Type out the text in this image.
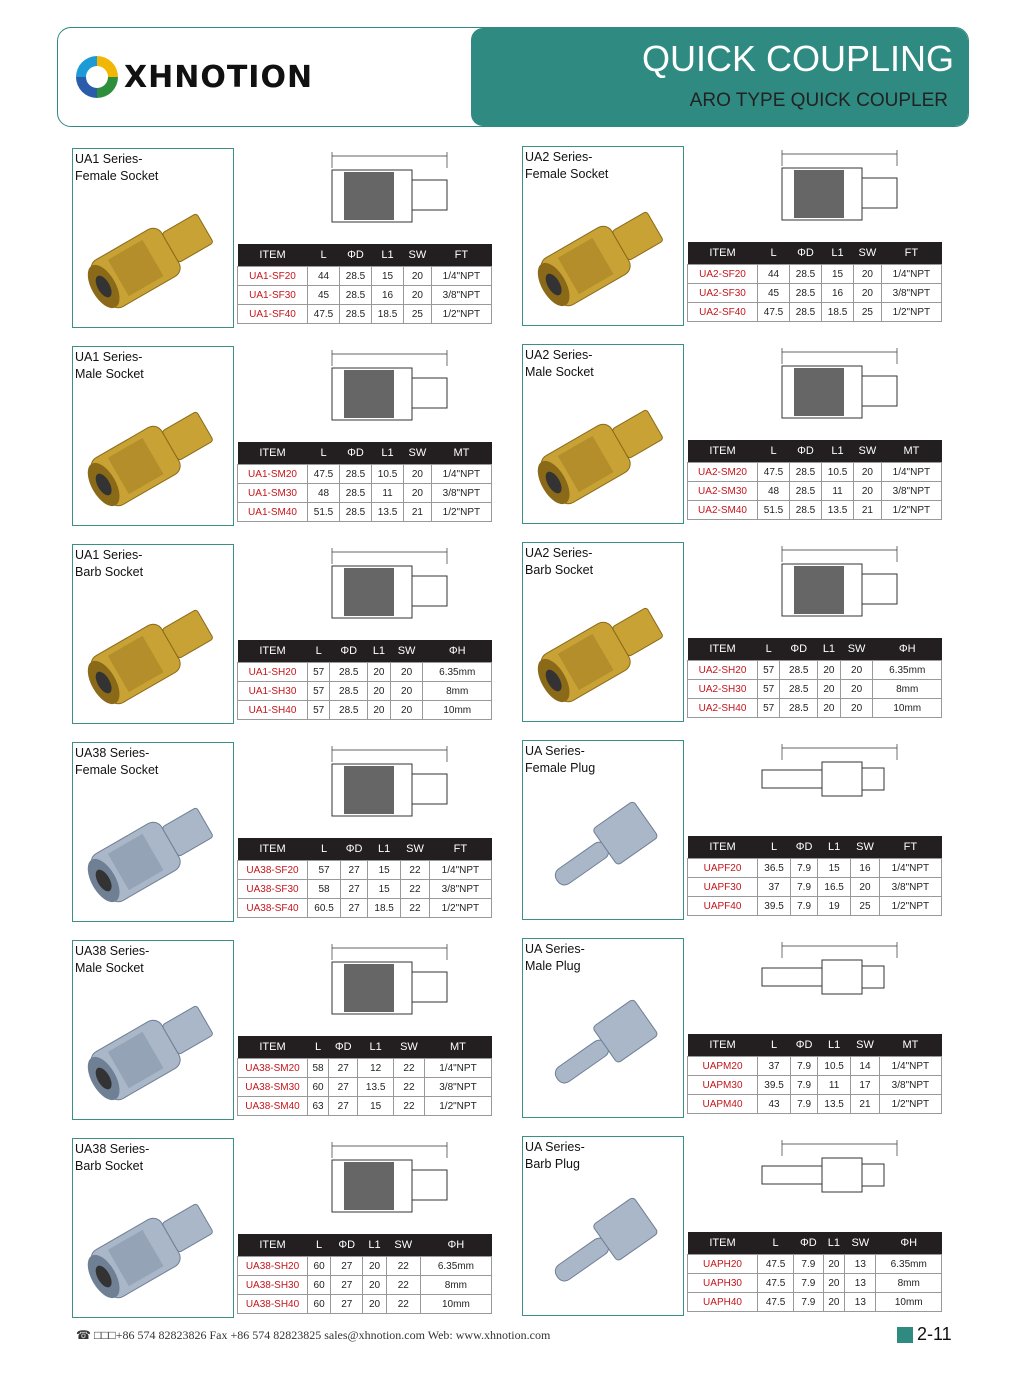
X XHNOTION	QUICK COUPLING
ARO TYPE QUICK COUPLER
UA1 Series-
Female Socket
ITEM	L	ΦD	L1	SW	FT
UA1-SF20	44	28.5	15	20	1/4"NPT
UA1-SF30	45	28.5	16	20	3/8"NPT
UA1-SF40	47.5	28.5	18.5	25	1/2"NPT
UA2 Series-
Female Socket
ITEM	L	ΦD	L1	SW	FT
UA2-SF20	44	28.5	15	20	1/4"NPT
UA2-SF30	45	28.5	16	20	3/8"NPT
UA2-SF40	47.5	28.5	18.5	25	1/2"NPT
UA1 Series-
Male Socket
ITEM	L	ΦD	L1	SW	MT
UA1-SM20	47.5	28.5	10.5	20	1/4"NPT
UA1-SM30	48	28.5	11	20	3/8"NPT
UA1-SM40	51.5	28.5	13.5	21	1/2"NPT
UA2 Series-
Male Socket
ITEM	L	ΦD	L1	SW	MT
UA2-SM20	47.5	28.5	10.5	20	1/4"NPT
UA2-SM30	48	28.5	11	20	3/8"NPT
UA2-SM40	51.5	28.5	13.5	21	1/2"NPT
UA1 Series-
Barb Socket
ITEM	L	ΦD	L1	SW	ΦH
UA1-SH20	57	28.5	20	20	6.35mm
UA1-SH30	57	28.5	20	20	8mm
UA1-SH40	57	28.5	20	20	10mm
UA2 Series-
Barb Socket
ITEM	L	ΦD	L1	SW	ΦH
UA2-SH20	57	28.5	20	20	6.35mm
UA2-SH30	57	28.5	20	20	8mm
UA2-SH40	57	28.5	20	20	10mm
UA38 Series-
Female Socket
ITEM	L	ΦD	L1	SW	FT
UA38-SF20	57	27	15	22	1/4"NPT
UA38-SF30	58	27	15	22	3/8"NPT
UA38-SF40	60.5	27	18.5	22	1/2"NPT
UA Series-
Female Plug
ITEM	L	ΦD	L1	SW	FT
UAPF20	36.5	7.9	15	16	1/4"NPT
UAPF30	37	7.9	16.5	20	3/8"NPT
UAPF40	39.5	7.9	19	25	1/2"NPT
UA38 Series-
Male Socket
ITEM	L	ΦD	L1	SW	MT
UA38-SM20	58	27	12	22	1/4"NPT
UA38-SM30	60	27	13.5	22	3/8"NPT
UA38-SM40	63	27	15	22	1/2"NPT
UA Series-
Male Plug
ITEM	L	ΦD	L1	SW	MT
UAPM20	37	7.9	10.5	14	1/4"NPT
UAPM30	39.5	7.9	11	17	3/8"NPT
UAPM40	43	7.9	13.5	21	1/2"NPT
UA38 Series-
Barb Socket
ITEM	L	ΦD	L1	SW	ΦH
UA38-SH20	60	27	20	22	6.35mm
UA38-SH30	60	27	20	22	8mm
UA38-SH40	60	27	20	22	10mm
UA Series-
Barb Plug
ITEM	L	ΦD	L1	SW	ΦH
UAPH20	47.5	7.9	20	13	6.35mm
UAPH30	47.5	7.9	20	13	8mm
UAPH40	47.5	7.9	20	13	10mm
☎ □□□+86 574 82823826 Fax +86 574 82823825 sales@xhnotion.com Web: www.xhnotion.com	2-11
